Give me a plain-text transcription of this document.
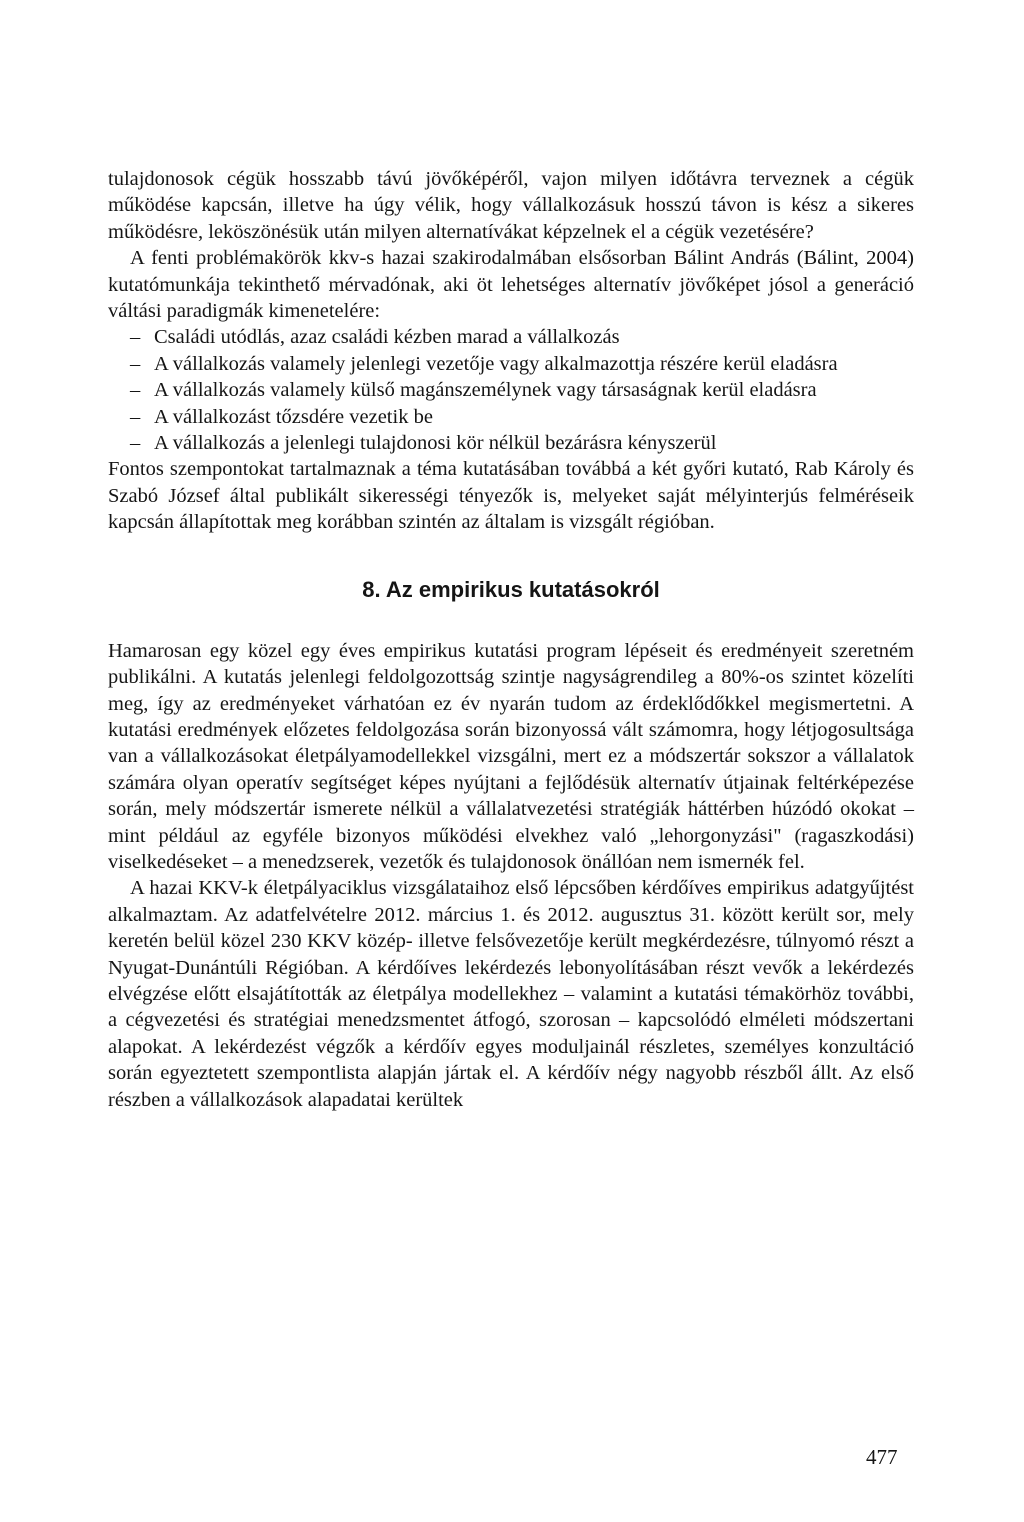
tulajdonosok cégük hosszabb távú jövőképéről, vajon milyen időtávra terveznek a cégük működése kapcsán, illetve ha úgy vélik, hogy vállalkozásuk hosszú távon is kész a sikeres működésre, leköszönésük után milyen alternatívákat képzelnek el a cégük vezetésére?

A fenti problémakörök kkv-s hazai szakirodalmában elsősorban Bálint András (Bálint, 2004) kutatómunkája tekinthető mérvadónak, aki öt lehetséges alternatív jövőképet jósol a generáció váltási paradigmák kimenetelére:

– Családi utódlás, azaz családi kézben marad a vállalkozás
– A vállalkozás valamely jelenlegi vezetője vagy alkalmazottja részére kerül eladásra
– A vállalkozás valamely külső magánszemélynek vagy társaságnak kerül eladásra
– A vállalkozást tőzsdére vezetik be
– A vállalkozás a jelenlegi tulajdonosi kör nélkül bezárásra kényszerül

Fontos szempontokat tartalmaznak a téma kutatásában továbbá a két győri kutató, Rab Károly és Szabó József által publikált sikerességi tényezők is, melyeket saját mélyinterjús felméréseik kapcsán állapítottak meg korábban szintén az általam is vizsgált régióban.

8. Az empirikus kutatásokról

Hamarosan egy közel egy éves empirikus kutatási program lépéseit és eredményeit szeretném publikálni. A kutatás jelenlegi feldolgozottság szintje nagyságrendileg a 80%-os szintet közelíti meg, így az eredményeket várhatóan ez év nyarán tudom az érdeklődőkkel megismertetni. A kutatási eredmények előzetes feldolgozása során bizonyossá vált számomra, hogy létjogosultsága van a vállalkozásokat életpályamodellekkel vizsgálni, mert ez a módszertár sokszor a vállalatok számára olyan operatív segítséget képes nyújtani a fejlődésük alternatív útjainak feltérképezése során, mely módszertár ismerete nélkül a vállalatvezetési stratégiák háttérben húzódó okokat – mint például az egyféle bizonyos működési elvekhez való „lehorgonyzási" (ragaszkodási) viselkedéseket – a menedzserek, vezetők és tulajdonosok önállóan nem ismernék fel.

A hazai KKV-k életpályaciklus vizsgálataihoz első lépcsőben kérdőíves empirikus adatgyűjtést alkalmaztam. Az adatfelvételre 2012. március 1. és 2012. augusztus 31. között került sor, mely keretén belül közel 230 KKV közép- illetve felsővezetője került megkérdezésre, túlnyomó részt a Nyugat-Dunántúli Régióban. A kérdőíves lekérdezés lebonyolításában részt vevők a lekérdezés elvégzése előtt elsajátították az életpálya modellekhez – valamint a kutatási témakörhöz további, a cégvezetési és stratégiai menedzsmentet átfogó, szorosan – kapcsolódó elméleti módszertani alapokat. A lekérdezést végzők a kérdőív egyes moduljainál részletes, személyes konzultáció során egyeztetett szempontlista alapján jártak el. A kérdőív négy nagyobb részből állt. Az első részben a vállalkozások alapadatai kerültek

477
